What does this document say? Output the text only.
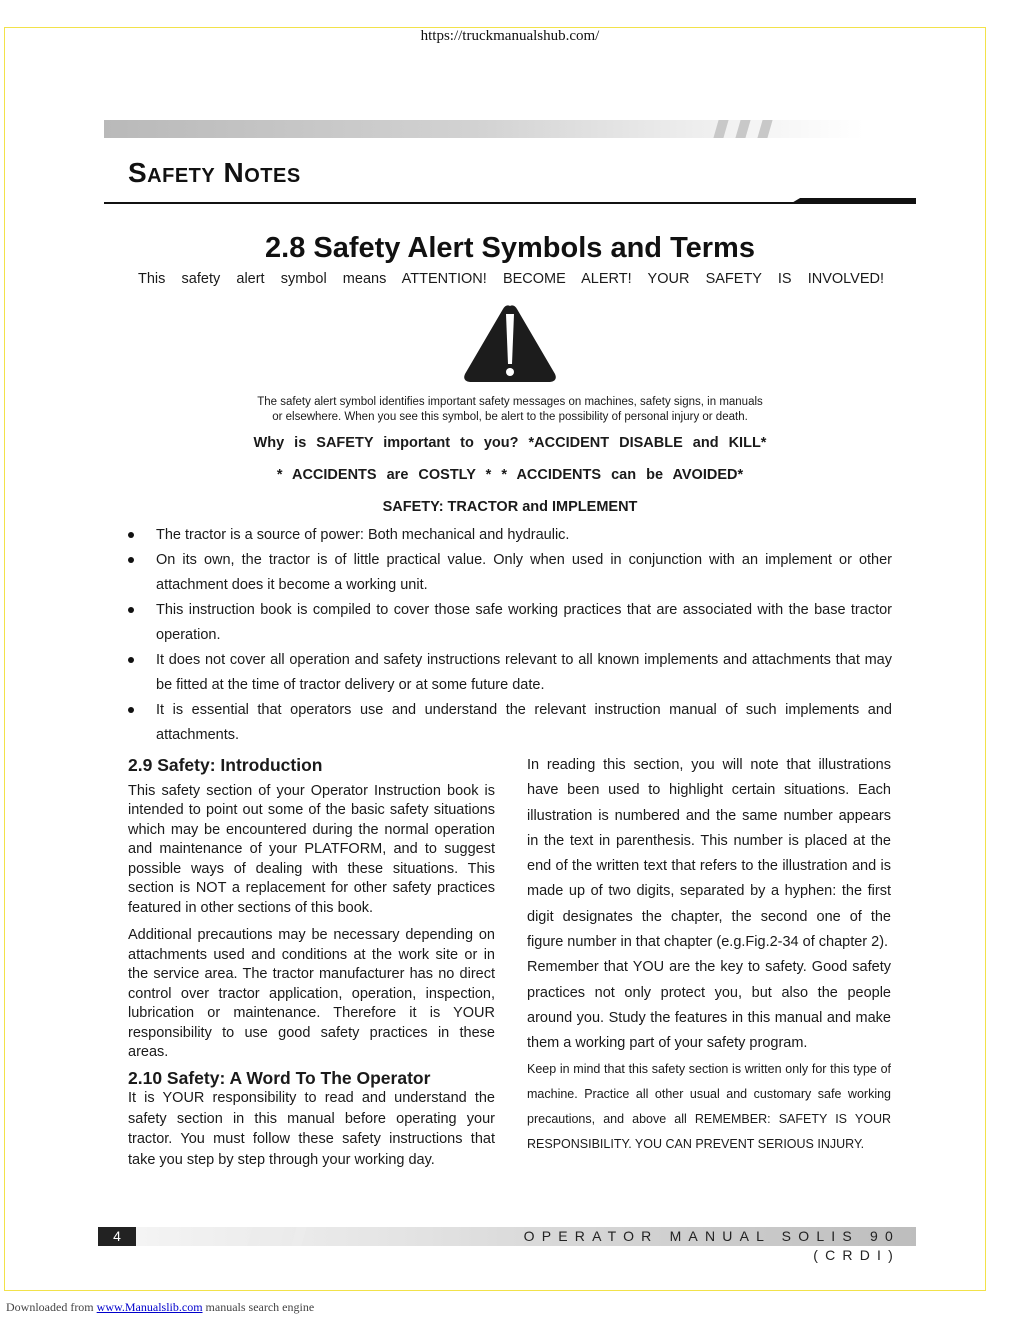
https://truckmanualshub.com/
Safety Notes
2.8 Safety Alert Symbols and Terms
This safety alert symbol means ATTENTION! BECOME ALERT! YOUR SAFETY IS INVOLVED!
The safety alert symbol identifies important safety messages on machines, safety signs, in manuals
or elsewhere. When you see this symbol, be alert to the possibility of personal injury or death.
Why is SAFETY important to you? *ACCIDENT DISABLE and KILL*
* ACCIDENTS are COSTLY * * ACCIDENTS can be AVOIDED*
SAFETY: TRACTOR and IMPLEMENT
The tractor is a source of power: Both mechanical and hydraulic.
On its own, the tractor is of little practical value. Only when used in conjunction with an implement or other attachment does it become a working unit.
This instruction book is compiled to cover those safe working practices that are associated with the base tractor operation.
It does not cover all operation and safety instructions relevant to all known implements and attachments that may be fitted at the time of tractor delivery or at some future date.
It is essential that operators use and understand the relevant instruction manual of such implements and attachments.
2.9 Safety: Introduction

This safety section of your Operator Instruction book is intended to point out some of the basic safety situations which may be encountered during the normal operation and maintenance of your PLATFORM, and to suggest possible ways of dealing with these situations. This section is NOT a replacement for other safety practices featured in other sections of this book.

Additional precautions may be necessary depending on attachments used and conditions at the work site or in the service area. The tractor manufacturer has no direct control over tractor application, operation, inspection, lubrication or maintenance. Therefore it is YOUR responsibility to use good safety practices in these areas.

2.10 Safety: A Word To The Operator

It is YOUR responsibility to read and understand the safety section in this manual before operating your tractor. You must follow these safety instructions that take you step by step through your working day.

In reading this section, you will note that illustrations have been used to highlight certain situations. Each illustration is numbered and the same number appears in the text in parenthesis. This number is placed at the end of the written text that refers to the illustration and is made up of two digits, separated by a hyphen: the first digit designates the chapter, the second one of the figure number in that chapter (e.g.Fig.2-34 of chapter 2).

Remember that YOU are the key to safety. Good safety practices not only protect you, but also the people around you. Study the features in this manual and make them a working part of your safety program.

Keep in mind that this safety section is written only for this type of machine. Practice all other usual and customary safe working precautions, and above all REMEMBER: SAFETY IS YOUR RESPONSIBILITY. YOU CAN PREVENT SERIOUS INJURY.

4	OPERATOR MANUAL SOLIS 90 (CRDI)
Downloaded from www.Manualslib.com manuals search engine
